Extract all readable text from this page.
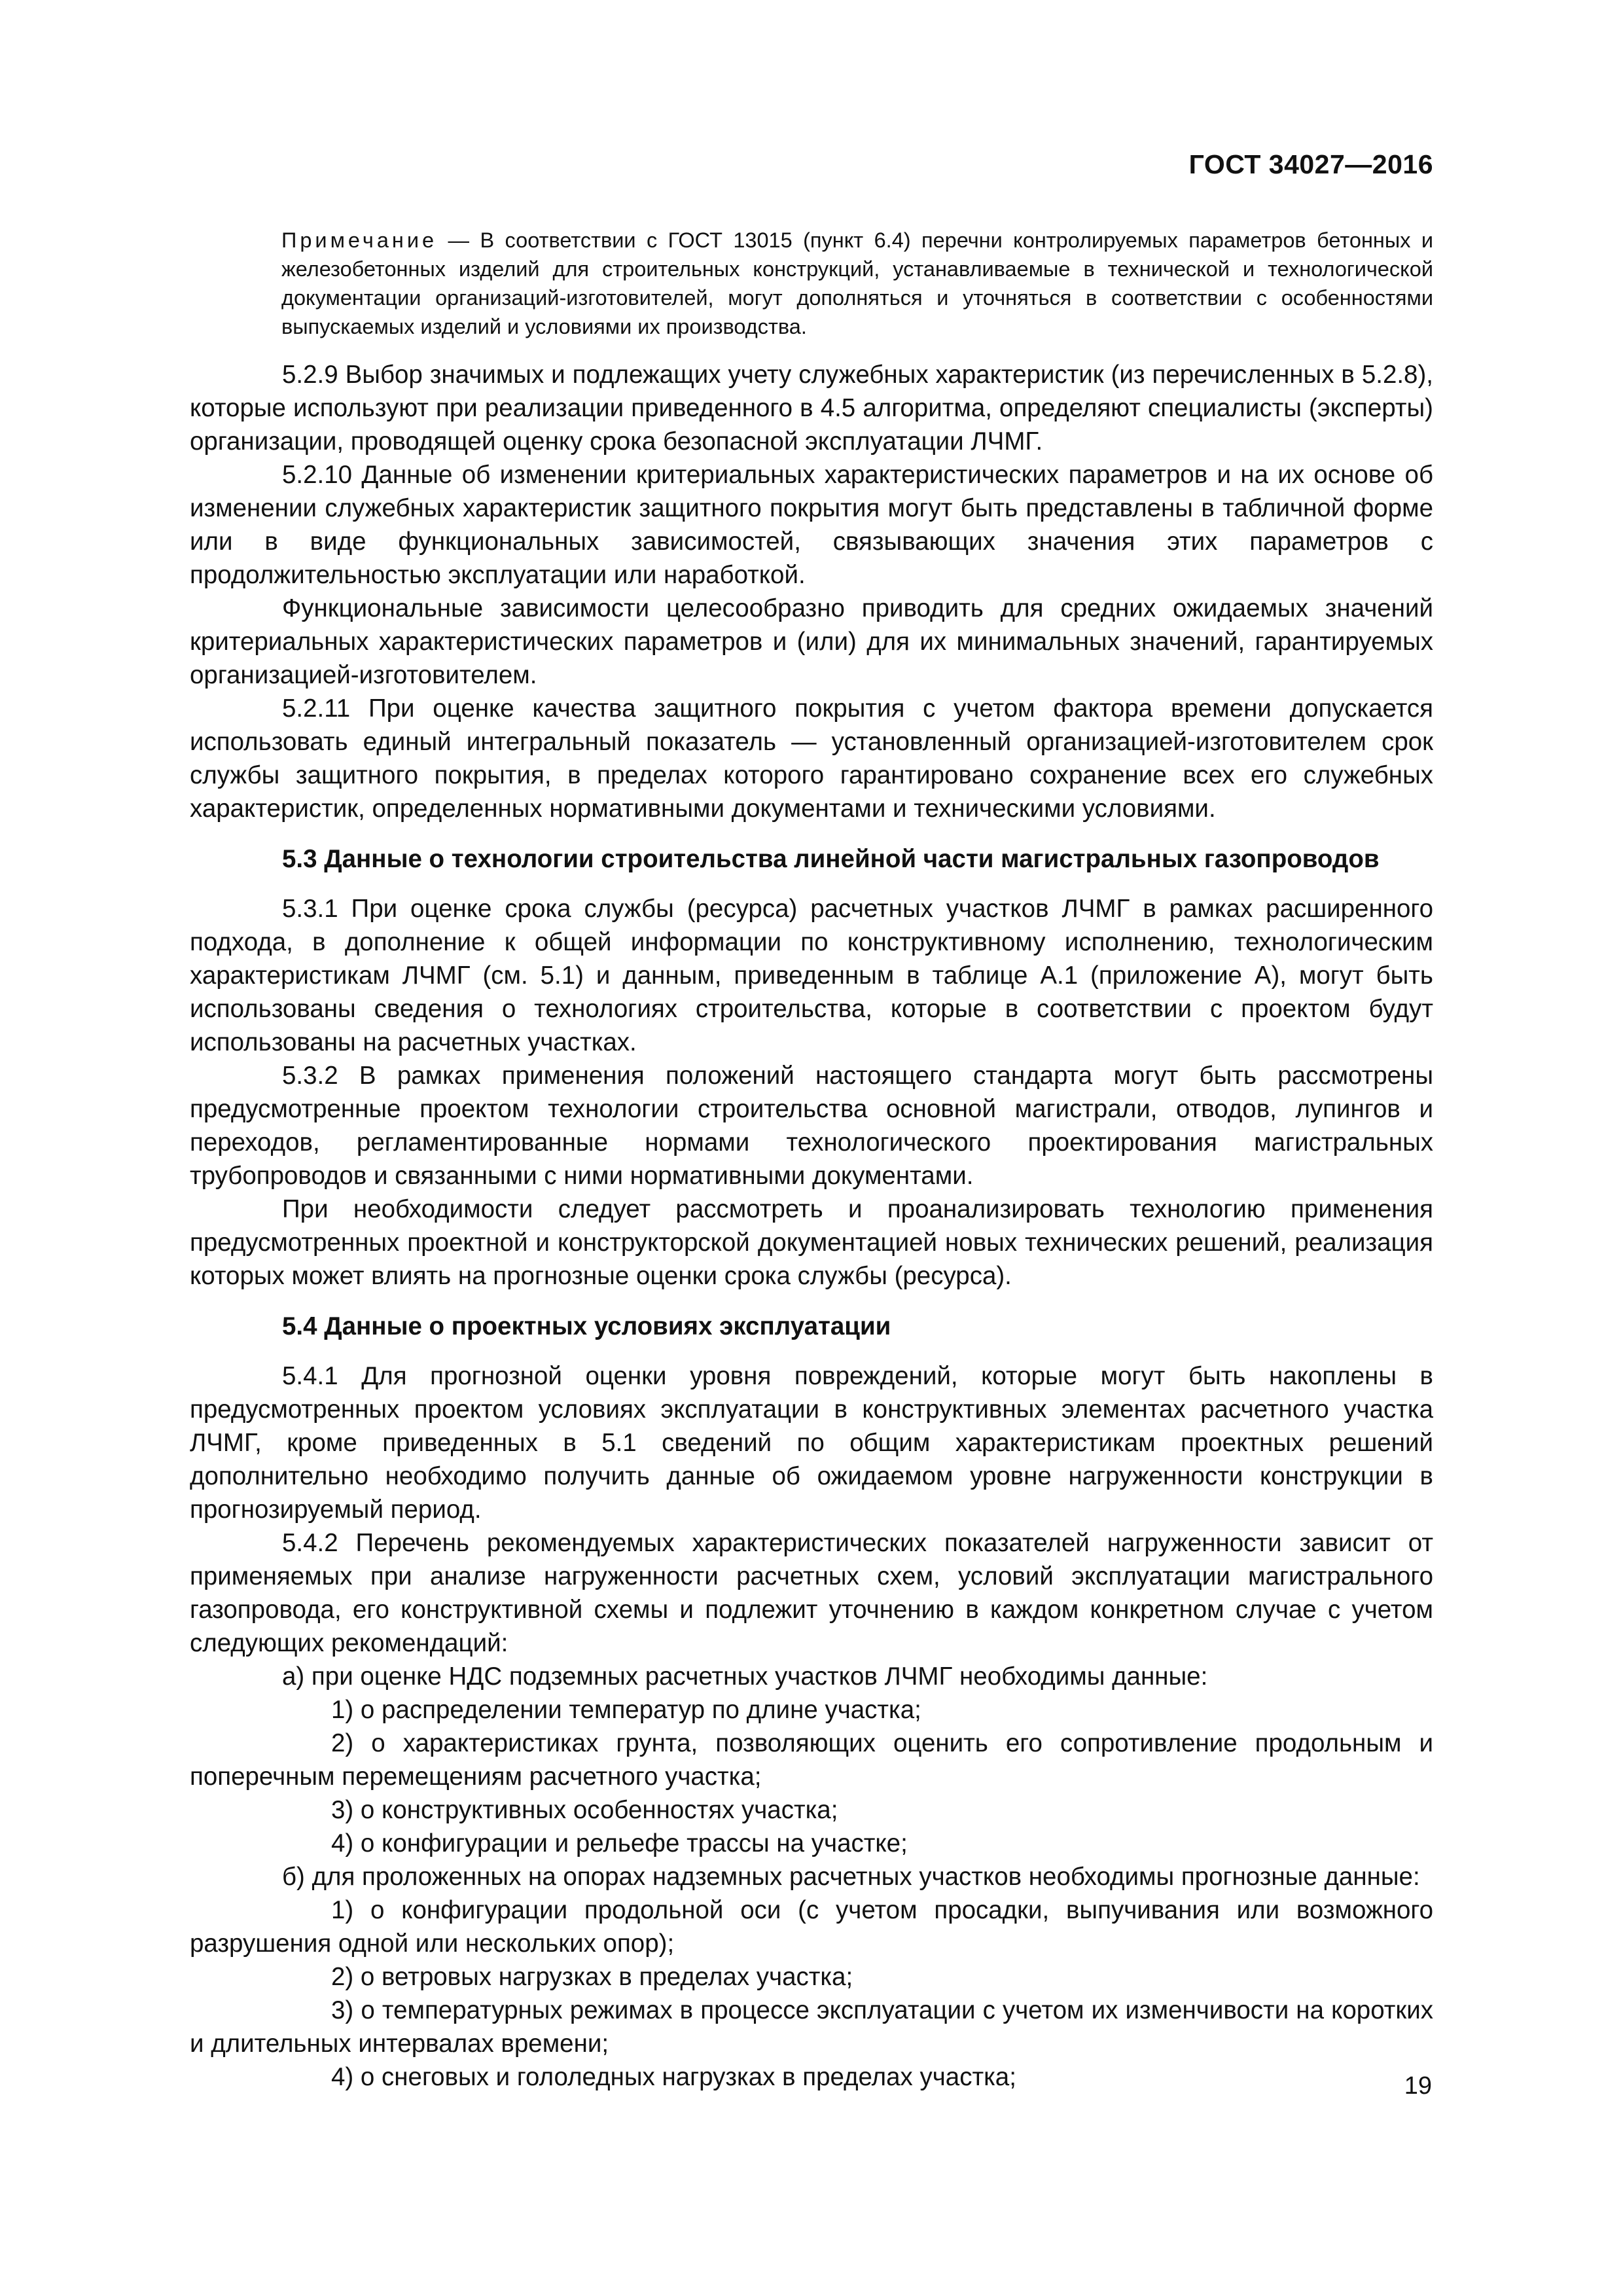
ГОСТ 34027—2016
Примечание — В соответствии с ГОСТ 13015 (пункт 6.4) перечни контролируемых параметров бетонных и железобетонных изделий для строительных конструкций, устанавливаемые в технической и технологической документации организаций-изготовителей, могут дополняться и уточняться в соответствии с особенностями выпускаемых изделий и условиями их производства.

5.2.9 Выбор значимых и подлежащих учету служебных характеристик (из перечисленных в 5.2.8), которые используют при реализации приведенного в 4.5 алгоритма, определяют специалисты (эксперты) организации, проводящей оценку срока безопасной эксплуатации ЛЧМГ.

5.2.10 Данные об изменении критериальных характеристических параметров и на их основе об изменении служебных характеристик защитного покрытия могут быть представлены в табличной форме или в виде функциональных зависимостей, связывающих значения этих параметров с продолжительностью эксплуатации или наработкой.

Функциональные зависимости целесообразно приводить для средних ожидаемых значений критериальных характеристических параметров и (или) для их минимальных значений, гарантируемых организацией-изготовителем.

5.2.11 При оценке качества защитного покрытия с учетом фактора времени допускается использовать единый интегральный показатель — установленный организацией-изготовителем срок службы защитного покрытия, в пределах которого гарантировано сохранение всех его служебных характеристик, определенных нормативными документами и техническими условиями.

5.3 Данные о технологии строительства линейной части магистральных газопроводов

5.3.1 При оценке срока службы (ресурса) расчетных участков ЛЧМГ в рамках расширенного подхода, в дополнение к общей информации по конструктивному исполнению, технологическим характеристикам ЛЧМГ (см. 5.1) и данным, приведенным в таблице А.1 (приложение А), могут быть использованы сведения о технологиях строительства, которые в соответствии с проектом будут использованы на расчетных участках.

5.3.2 В рамках применения положений настоящего стандарта могут быть рассмотрены предусмотренные проектом технологии строительства основной магистрали, отводов, лупингов и переходов, регламентированные нормами технологического проектирования магистральных трубопроводов и связанными с ними нормативными документами.

При необходимости следует рассмотреть и проанализировать технологию применения предусмотренных проектной и конструкторской документацией новых технических решений, реализация которых может влиять на прогнозные оценки срока службы (ресурса).

5.4 Данные о проектных условиях эксплуатации

5.4.1 Для прогнозной оценки уровня повреждений, которые могут быть накоплены в предусмотренных проектом условиях эксплуатации в конструктивных элементах расчетного участка ЛЧМГ, кроме приведенных в 5.1 сведений по общим характеристикам проектных решений дополнительно необходимо получить данные об ожидаемом уровне нагруженности конструкции в прогнозируемый период.

5.4.2 Перечень рекомендуемых характеристических показателей нагруженности зависит от применяемых при анализе нагруженности расчетных схем, условий эксплуатации магистрального газопровода, его конструктивной схемы и подлежит уточнению в каждом конкретном случае с учетом следующих рекомендаций:

а) при оценке НДС подземных расчетных участков ЛЧМГ необходимы данные:

1) о распределении температур по длине участка;

2) о характеристиках грунта, позволяющих оценить его сопротивление продольным и поперечным перемещениям расчетного участка;

3) о конструктивных особенностях участка;

4) о конфигурации и рельефе трассы на участке;

б) для проложенных на опорах надземных расчетных участков необходимы прогнозные данные:

1) о конфигурации продольной оси (с учетом просадки, выпучивания или возможного разрушения одной или нескольких опор);

2) о ветровых нагрузках в пределах участка;

3) о температурных режимах в процессе эксплуатации с учетом их изменчивости на коротких и длительных интервалах времени;

4) о снеговых и гололедных нагрузках в пределах участка;	19
